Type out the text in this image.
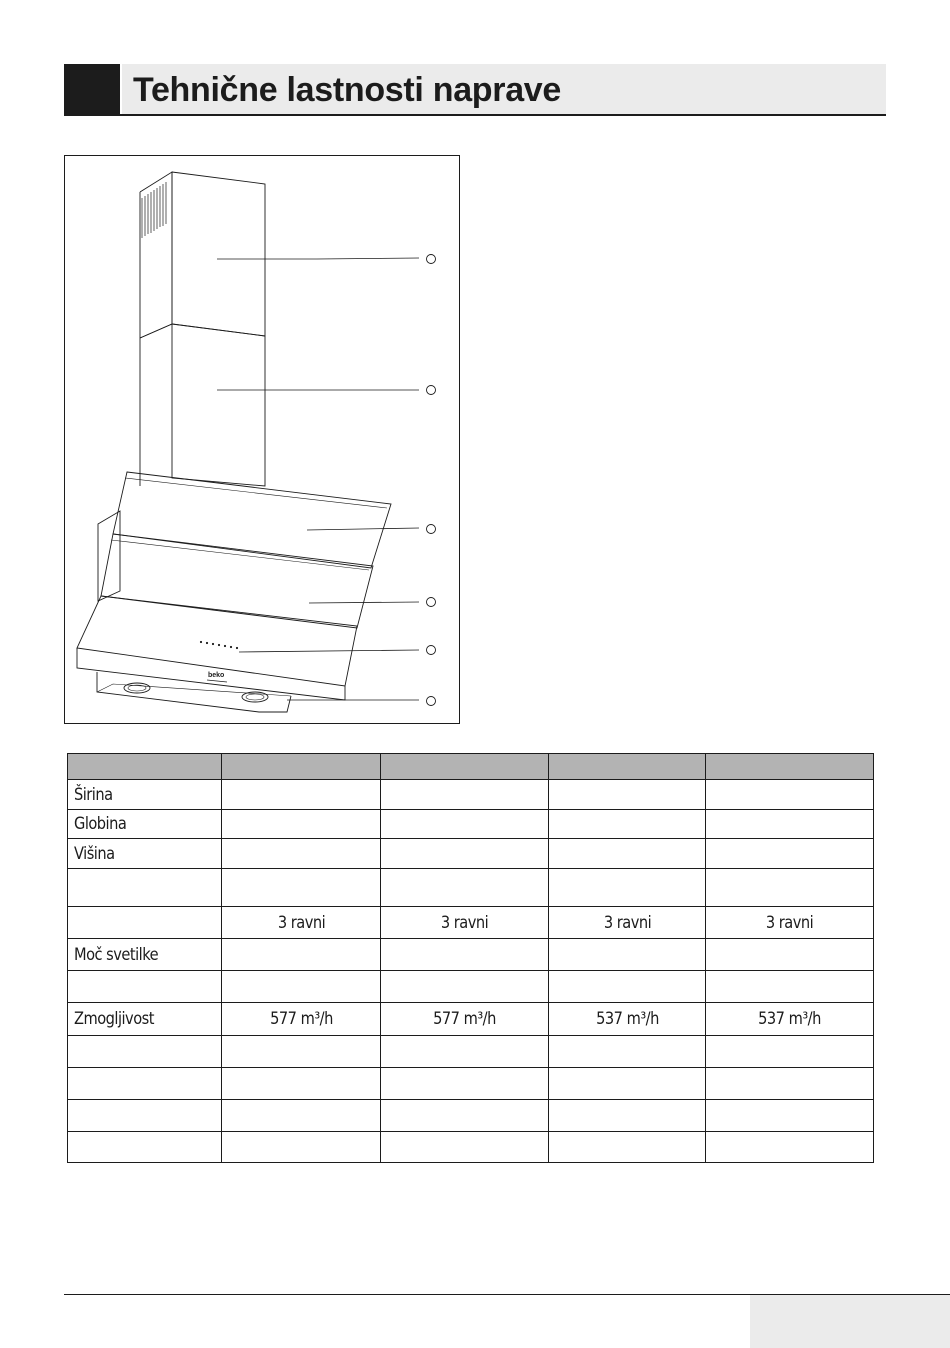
Tehnične lastnosti naprave
beko

Širina				
Globina				
Višina				

	3 ravni	3 ravni	3 ravni	3 ravni
Moč svetilke				

Zmogljivost	577 m³/h	577 m³/h	537 m³/h	537 m³/h
